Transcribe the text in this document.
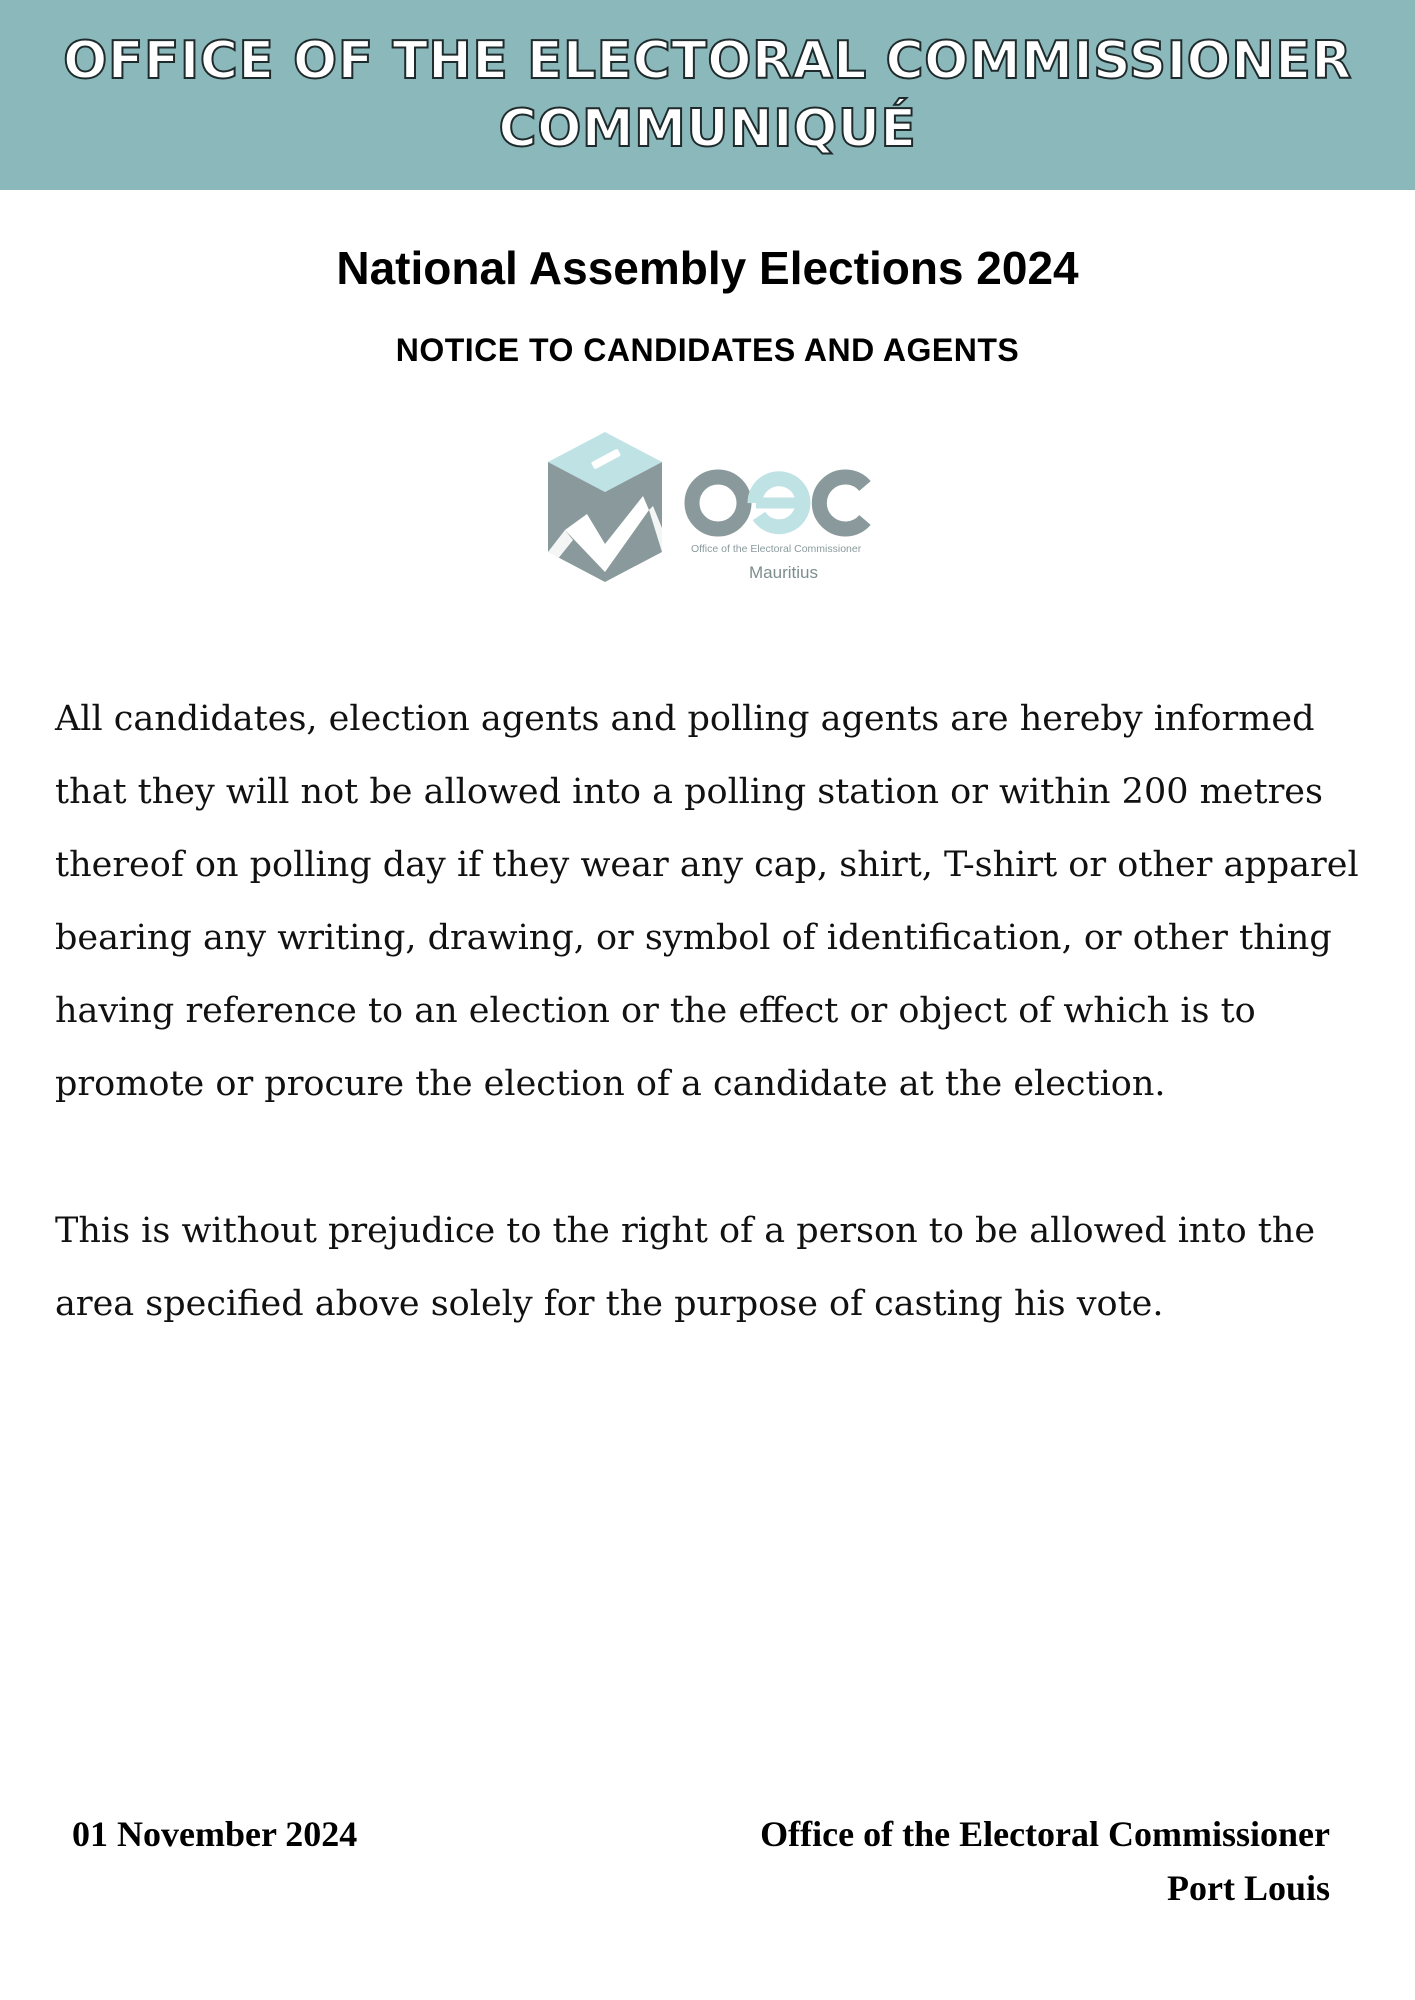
OFFICE OF THE ELECTORAL COMMISSIONER
COMMUNIQUÉ
National Assembly Elections 2024
NOTICE TO CANDIDATES AND AGENTS
Office of the Electoral Commissioner
Mauritius
All candidates, election agents and polling agents are hereby informed that they will not be allowed into a polling station or within 200 metres thereof on polling day if they wear any cap, shirt, T-shirt or other apparel bearing any writing, drawing, or symbol of identification, or other thing having reference to an election or the effect or object of which is to promote or procure the election of a candidate at the election.
This is without prejudice to the right of a person to be allowed into the area specified above solely for the purpose of casting his vote.
01 November 2024	Office of the Electoral Commissioner
Port Louis
